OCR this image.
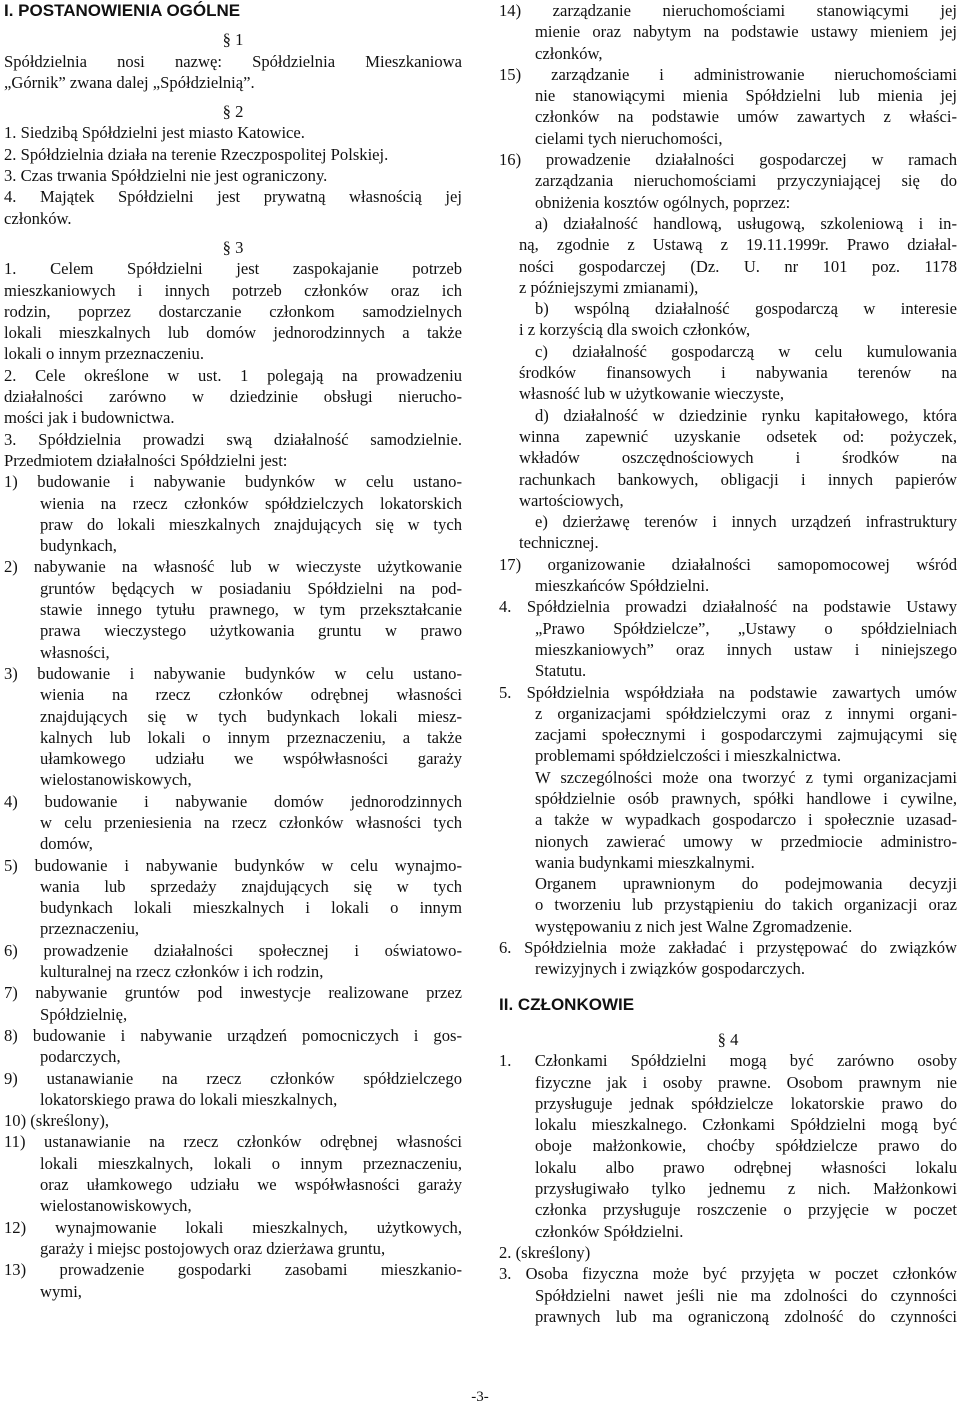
I. POSTANOWIENIA OGÓLNE
§ 1
Spółdzielnia nosi nazwę: Spółdzielnia Mieszkaniowa
„Górnik” zwana dalej „Spółdzielnią”.
§ 2
1. Siedzibą Spółdzielni jest miasto Katowice.
2. Spółdzielnia działa na terenie Rzeczpospolitej Polskiej.
3. Czas trwania Spółdzielni nie jest ograniczony.
4. Majątek Spółdzielni jest prywatną własnością jej
członków.
§ 3
1. Celem Spółdzielni jest zaspokajanie potrzeb
mieszkaniowych i innych potrzeb członków oraz ich
rodzin, poprzez dostarczanie członkom samodzielnych
lokali mieszkalnych lub domów jednorodzinnych a także
lokali o innym przeznaczeniu.
2. Cele określone w ust. 1 polegają na prowadzeniu
działalności zarówno w dziedzinie obsługi nierucho-
mości jak i budownictwa.
3. Spółdzielnia prowadzi swą działalność samodzielnie.
Przedmiotem działalności Spółdzielni jest:
1) budowanie i nabywanie budynków w celu ustano-
wienia na rzecz członków spółdzielczych lokatorskich
praw do lokali mieszkalnych znajdujących się w tych
budynkach,
2) nabywanie na własność lub w wieczyste użytkowanie
gruntów będących w posiadaniu Spółdzielni na pod-
stawie innego tytułu prawnego, w tym przekształcanie
prawa wieczystego użytkowania gruntu w prawo
własności,
3) budowanie i nabywanie budynków w celu ustano-
wienia na rzecz członków odrębnej własności
znajdujących się w tych budynkach lokali miesz-
kalnych lub lokali o innym przeznaczeniu, a także
ułamkowego udziału we współwłasności garaży
wielostanowiskowych,
4) budowanie i nabywanie domów jednorodzinnych
w celu przeniesienia na rzecz członków własności tych
domów,
5) budowanie i nabywanie budynków w celu wynajmo-
wania lub sprzedaży znajdujących się w tych
budynkach lokali mieszkalnych i lokali o innym
przeznaczeniu,
6) prowadzenie działalności społecznej i oświatowo-
kulturalnej na rzecz członków i ich rodzin,
7) nabywanie gruntów pod inwestycje realizowane przez
Spółdzielnię,
8) budowanie i nabywanie urządzeń pomocniczych i gos-
podarczych,
9) ustanawianie na rzecz członków spółdzielczego
lokatorskiego prawa do lokali mieszkalnych,
10) (skreślony),
11) ustanawianie na rzecz członków odrębnej własności
lokali mieszkalnych, lokali o innym przeznaczeniu,
oraz ułamkowego udziału we współwłasności garaży
wielostanowiskowych,
12) wynajmowanie lokali mieszkalnych, użytkowych,
garaży i miejsc postojowych oraz dzierżawa gruntu,
13) prowadzenie gospodarki zasobami mieszkanio-
wymi,
14) zarządzanie nieruchomościami stanowiącymi jej
mienie oraz nabytym na podstawie ustawy mieniem jej
członków,
15) zarządzanie i administrowanie nieruchomościami
nie stanowiącymi mienia Spółdzielni lub mienia jej
członków na podstawie umów zawartych z właści-
cielami tych nieruchomości,
16) prowadzenie działalności gospodarczej w ramach
zarządzania nieruchomościami przyczyniającej się do
obniżenia kosztów ogólnych, poprzez:
a) działalność handlową, usługową, szkoleniową i in-
ną, zgodnie z Ustawą z 19.11.1999r. Prawo działal-
ności gospodarczej (Dz. U. nr 101 poz. 1178
z późniejszymi zmianami),
b) wspólną działalność gospodarczą w interesie
i z korzyścią dla swoich członków,
c) działalność gospodarczą w celu kumulowania
środków finansowych i nabywania terenów na
własność lub w użytkowanie wieczyste,
d) działalność w dziedzinie rynku kapitałowego, która
winna zapewnić uzyskanie odsetek od: pożyczek,
wkładów oszczędnościowych i środków na
rachunkach bankowych, obligacji i innych papierów
wartościowych,
e) dzierżawę terenów i innych urządzeń infrastruktury
technicznej.
17) organizowanie działalności samopomocowej wśród
mieszkańców Spółdzielni.
4. Spółdzielnia prowadzi działalność na podstawie Ustawy
„Prawo Spółdzielcze”, „Ustawy o spółdzielniach
mieszkaniowych” oraz innych ustaw i niniejszego
Statutu.
5. Spółdzielnia współdziała na podstawie zawartych umów
z organizacjami spółdzielczymi oraz z innymi organi-
zacjami społecznymi i gospodarczymi zajmującymi się
problemami spółdzielczości i mieszkalnictwa.
W szczególności może ona tworzyć z tymi organizacjami
spółdzielnie osób prawnych, spółki handlowe i cywilne,
a także w wypadkach gospodarczo i społecznie uzasad-
nionych zawierać umowy w przedmiocie administro-
wania budynkami mieszkalnymi.
Organem uprawnionym do podejmowania decyzji
o tworzeniu lub przystąpieniu do takich organizacji oraz
występowaniu z nich jest Walne Zgromadzenie.
6. Spółdzielnia może zakładać i przystępować do związków
rewizyjnych i związków gospodarczych.
II. CZŁONKOWIE
§ 4
1. Członkami Spółdzielni mogą być zarówno osoby
fizyczne jak i osoby prawne. Osobom prawnym nie
przysługuje jednak spółdzielcze lokatorskie prawo do
lokalu mieszkalnego. Członkami Spółdzielni mogą być
oboje małżonkowie, choćby spółdzielcze prawo do
lokalu albo prawo odrębnej własności lokalu
przysługiwało tylko jednemu z nich. Małżonkowi
członka przysługuje roszczenie o przyjęcie w poczet
członków Spółdzielni.
2. (skreślony)
3. Osoba fizyczna może być przyjęta w poczet członków
Spółdzielni nawet jeśli nie ma zdolności do czynności
prawnych lub ma ograniczoną zdolność do czynności
-3-
